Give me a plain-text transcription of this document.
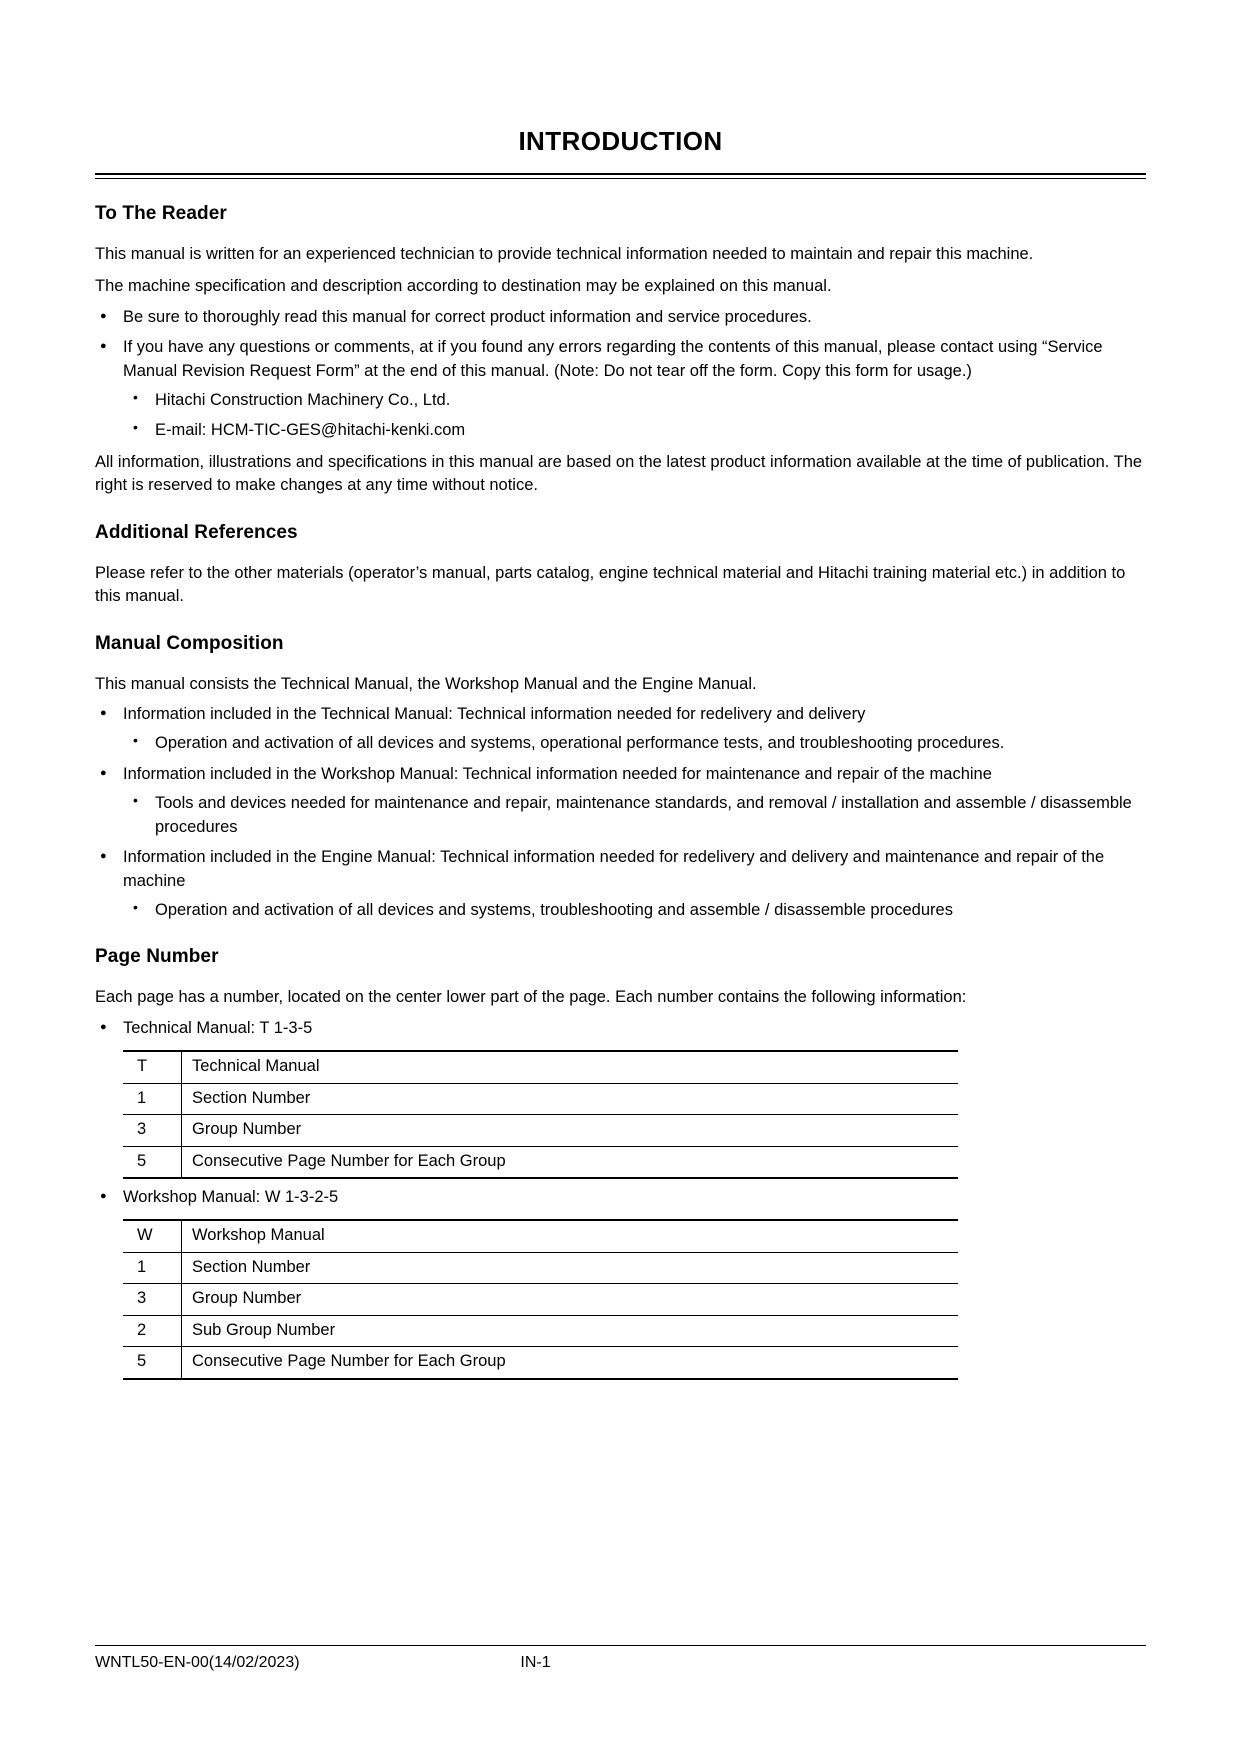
INTRODUCTION
To The Reader

This manual is written for an experienced technician to provide technical information needed to maintain and repair this machine.

The machine specification and description according to destination may be explained on this manual.

● Be sure to thoroughly read this manual for correct product information and service procedures.
● If you have any questions or comments, at if you found any errors regarding the contents of this manual, please contact using “Service Manual Revision Request Form” at the end of this manual. (Note: Do not tear off the form. Copy this form for usage.)
• Hitachi Construction Machinery Co., Ltd.
• E-mail: HCM-TIC-GES@hitachi-kenki.com

All information, illustrations and specifications in this manual are based on the latest product information available at the time of publication. The right is reserved to make changes at any time without notice.

Additional References

Please refer to the other materials (operator’s manual, parts catalog, engine technical material and Hitachi training material etc.) in addition to this manual.

Manual Composition

This manual consists the Technical Manual, the Workshop Manual and the Engine Manual.

● Information included in the Technical Manual: Technical information needed for redelivery and delivery
• Operation and activation of all devices and systems, operational performance tests, and troubleshooting procedures.
● Information included in the Workshop Manual: Technical information needed for maintenance and repair of the machine
• Tools and devices needed for maintenance and repair, maintenance standards, and removal / installation and assemble / disassemble procedures
● Information included in the Engine Manual: Technical information needed for redelivery and delivery and maintenance and repair of the machine
• Operation and activation of all devices and systems, troubleshooting and assemble / disassemble procedures
Page Number

Each page has a number, located on the center lower part of the page. Each number contains the following information:

● Technical Manual: T 1-3-5
T	Technical Manual
1	Section Number
3	Group Number
5	Consecutive Page Number for Each Group
● Workshop Manual: W 1-3-2-5
W	Workshop Manual
1	Section Number
3	Group Number
2	Sub Group Number
5	Consecutive Page Number for Each Group
WNTL50-EN-00(14/02/2023)	IN-1
